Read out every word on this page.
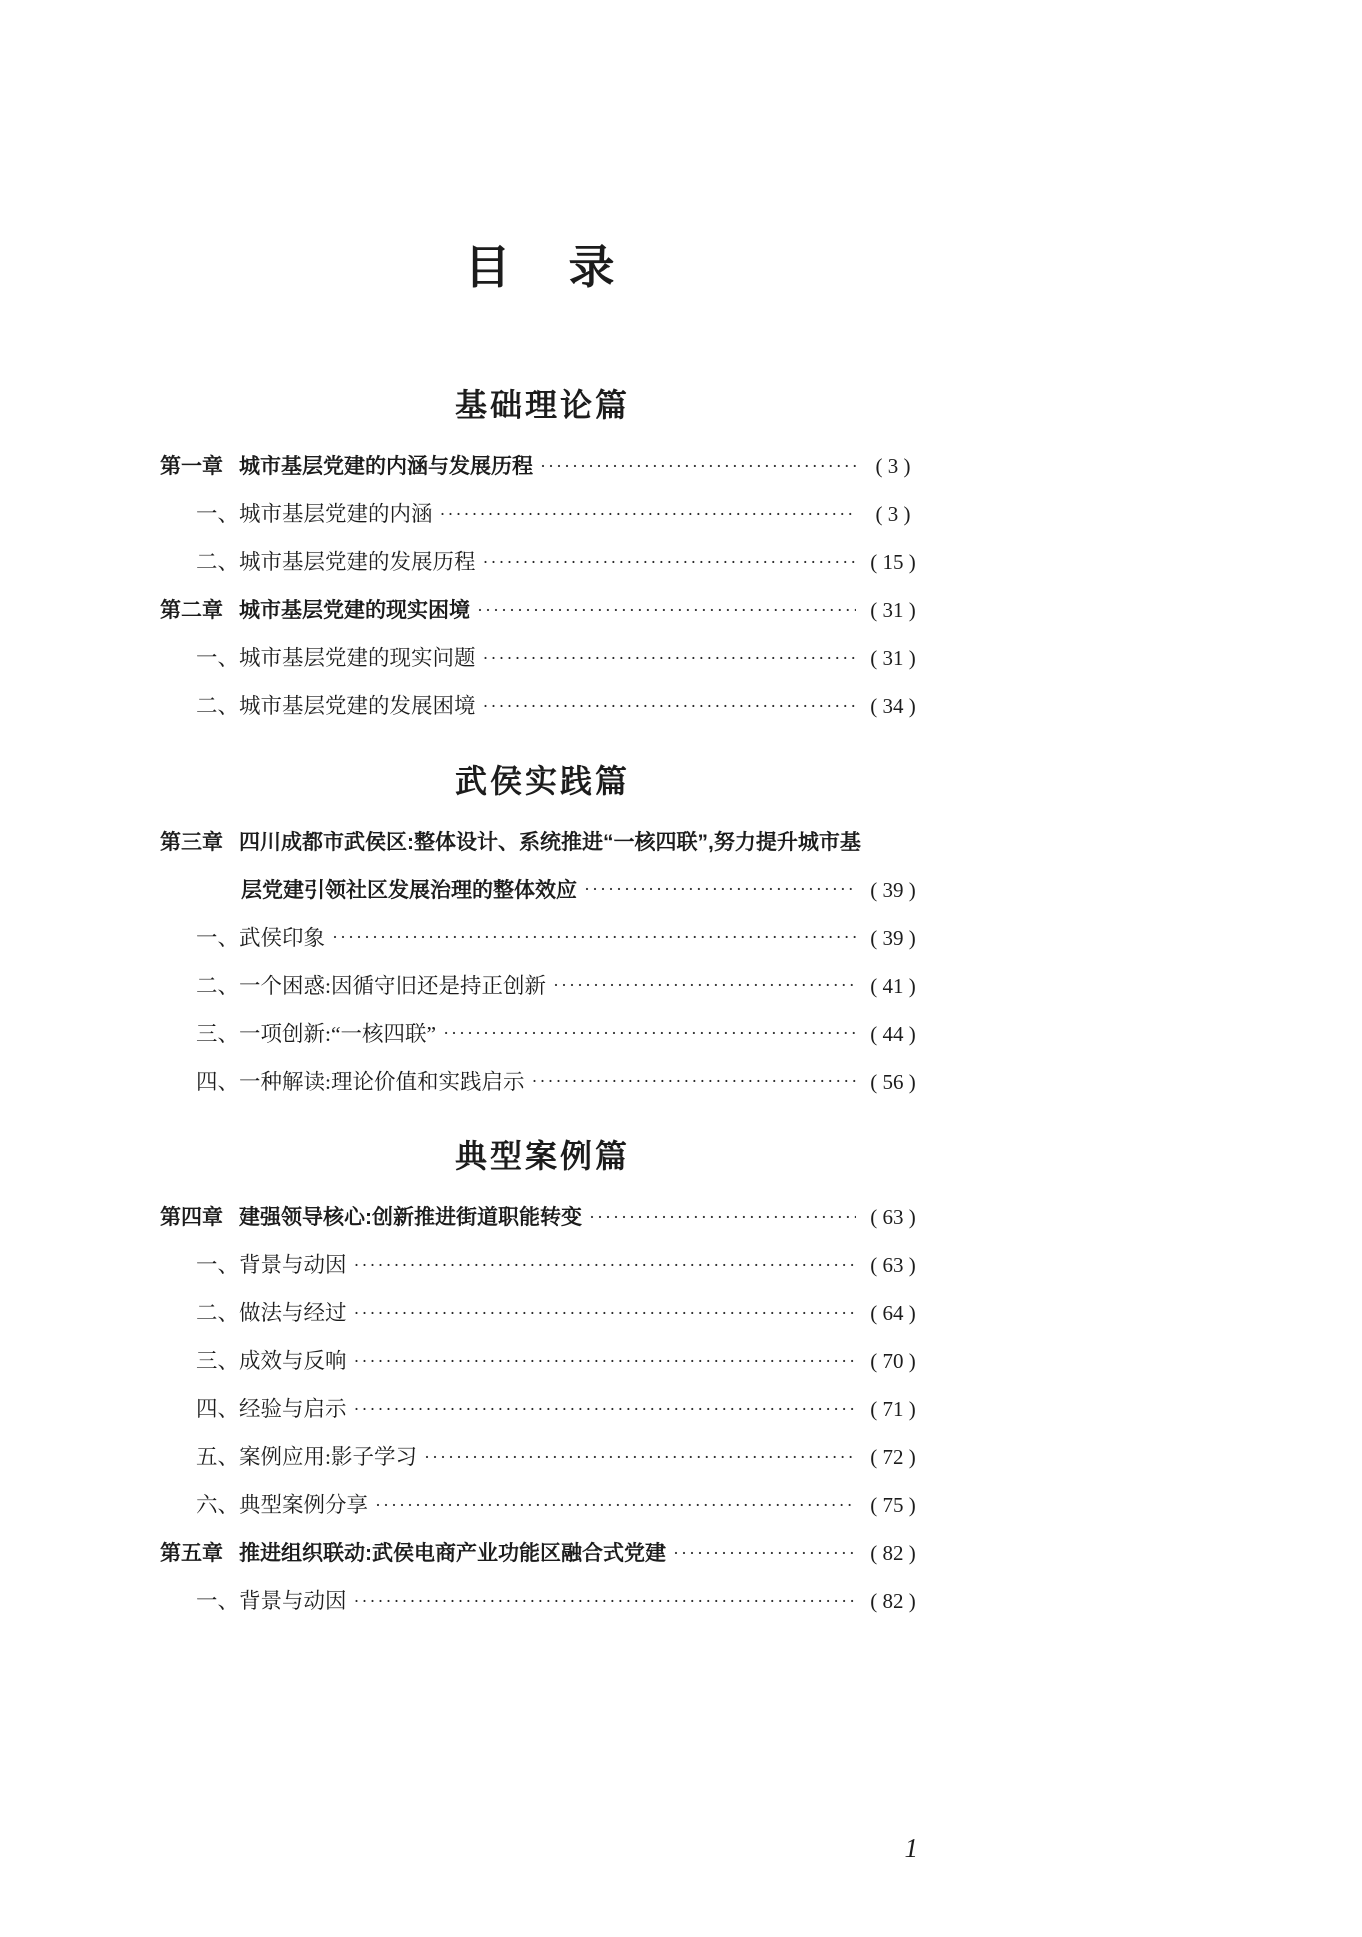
目　录
基础理论篇
第一章 城市基层党建的内涵与发展历程 ·····	( 3 )
一、城市基层党建的内涵 ·····	( 3 )
二、城市基层党建的发展历程 ·····	( 15 )
第二章 城市基层党建的现实困境 ·····	( 31 )
一、城市基层党建的现实问题 ·····	( 31 )
二、城市基层党建的发展困境 ·····	( 34 )
武侯实践篇
第三章 四川成都市武侯区:整体设计、系统推进“一核四联”,努力提升城市基
层党建引领社区发展治理的整体效应 ·····	( 39 )
一、武侯印象 ·····	( 39 )
二、一个困惑:因循守旧还是持正创新 ·····	( 41 )
三、一项创新:“一核四联” ·····	( 44 )
四、一种解读:理论价值和实践启示 ·····	( 56 )
典型案例篇
第四章 建强领导核心:创新推进街道职能转变 ·····	( 63 )
一、背景与动因 ·····	( 63 )
二、做法与经过 ·····	( 64 )
三、成效与反响 ·····	( 70 )
四、经验与启示 ·····	( 71 )
五、案例应用:影子学习 ·····	( 72 )
六、典型案例分享 ·····	( 75 )
第五章 推进组织联动:武侯电商产业功能区融合式党建 ·····	( 82 )
一、背景与动因 ·····	( 82 )
1
